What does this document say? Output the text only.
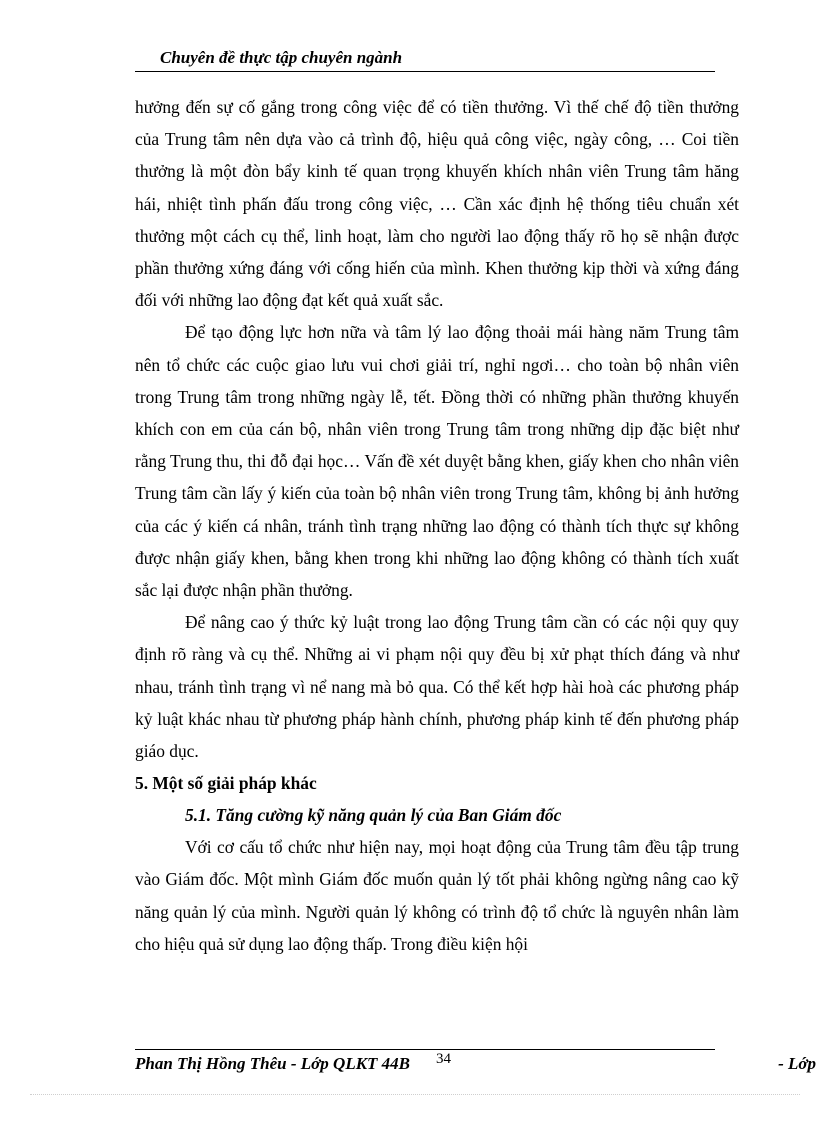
Chuyên đề thực tập chuyên ngành

hưởng đến sự cố gắng trong công việc để có tiền thưởng. Vì thế chế độ tiền thưởng của Trung tâm nên dựa vào cả trình độ, hiệu quả công việc, ngày công, … Coi tiền thưởng là một đòn bẩy kinh tế quan trọng khuyến khích nhân viên Trung tâm hăng hái, nhiệt tình phấn đấu trong công việc, … Cần xác định hệ thống tiêu chuẩn xét thưởng một cách cụ thể, linh hoạt, làm cho người lao động thấy rõ họ sẽ nhận được phần thưởng xứng đáng với cống hiến của mình. Khen thưởng kịp thời và xứng đáng đối với những lao động đạt kết quả xuất sắc.

Để tạo động lực hơn nữa và tâm lý lao động thoải mái hàng năm Trung tâm nên tổ chức các cuộc giao lưu vui chơi giải trí, nghỉ ngơi… cho toàn bộ nhân viên trong Trung tâm trong những ngày lễ, tết. Đồng thời có những phần thưởng khuyến khích con em của cán bộ, nhân viên trong Trung tâm trong những dịp đặc biệt như rằng Trung thu, thi đỗ đại học… Vấn đề xét duyệt bằng khen, giấy khen cho nhân viên Trung tâm cần lấy ý kiến của toàn bộ nhân viên trong Trung tâm, không bị ảnh hưởng của các ý kiến cá nhân, tránh tình trạng những lao động có thành tích thực sự không được nhận giấy khen, bằng khen trong khi những lao động không có thành tích xuất sắc lại được nhận phần thưởng.

Để nâng cao ý thức kỷ luật trong lao động Trung tâm cần có các nội quy quy định rõ ràng và cụ thể. Những ai vi phạm nội quy đều bị xử phạt thích đáng và như nhau, tránh tình trạng vì nể nang mà bỏ qua. Có thể kết hợp hài hoà các phương pháp kỷ luật khác nhau từ phương pháp hành chính, phương pháp kinh tế đến phương pháp giáo dục.

5. Một số giải pháp khác

5.1. Tăng cường kỹ năng quản lý của Ban Giám đốc

Với cơ cấu tổ chức như hiện nay, mọi hoạt động của Trung tâm đều tập trung vào Giám đốc. Một mình Giám đốc muốn quản lý tốt phải không ngừng nâng cao kỹ năng quản lý của mình. Người quản lý không có trình độ tổ chức là nguyên nhân làm cho hiệu quả sử dụng lao động thấp. Trong điều kiện hội

Phan Thị Hồng Thêu - Lớp QLKT 44B 34	- Lớp
